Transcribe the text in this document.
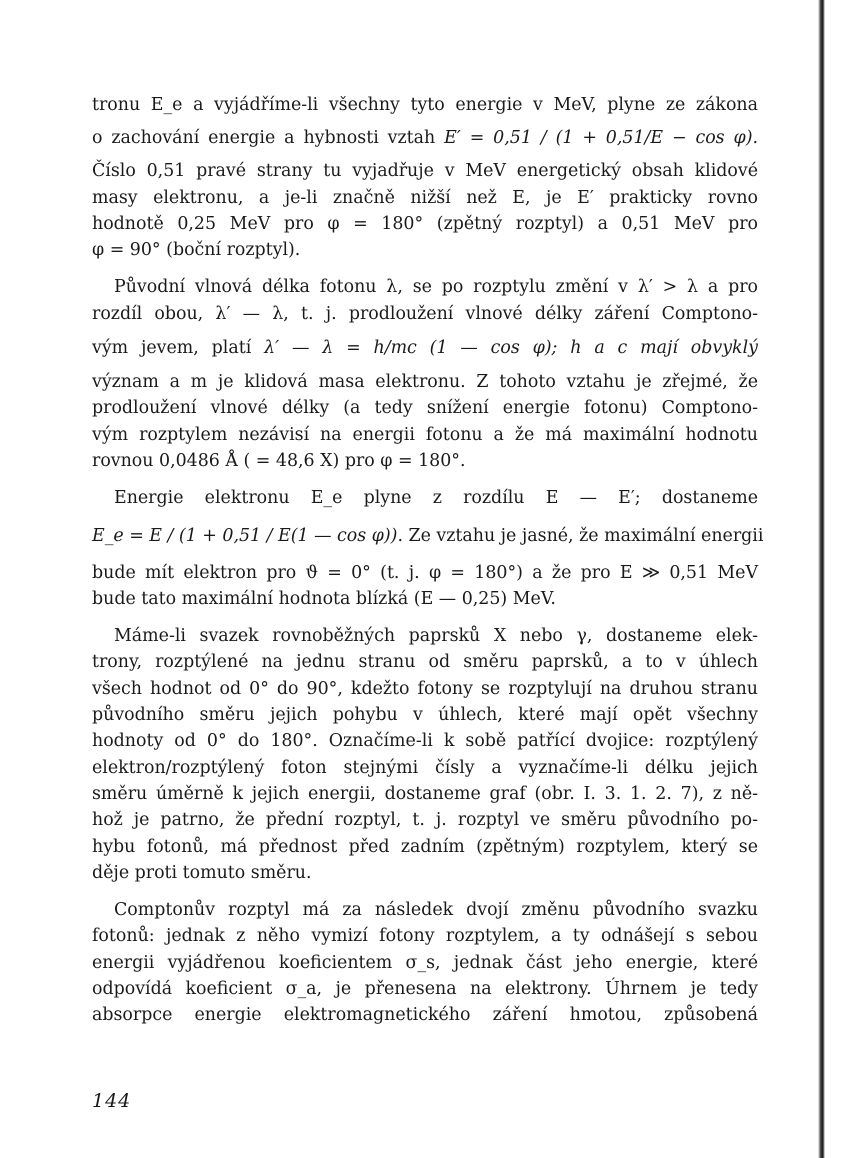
tronu E_e a vyjádříme-li všechny tyto energie v MeV, plyne ze zákona
o zachování energie a hybnosti vztah E′ = 0,51 / (1 + 0,51/E − cos φ).
Číslo 0,51 pravé strany tu vyjadřuje v MeV energetický obsah klidové
masy elektronu, a je-li značně nižší než E, je E′ prakticky rovno
hodnotě 0,25 MeV pro φ = 180° (zpětný rozptyl) a 0,51 MeV pro
φ = 90° (boční rozptyl).
Původní vlnová délka fotonu λ, se po rozptylu změní v λ′ > λ a pro
rozdíl obou, λ′ — λ, t. j. prodloužení vlnové délky záření Comptono-
vým jevem, platí λ′ — λ = h/mc (1 — cos φ); h a c mají obvyklý
význam a m je klidová masa elektronu. Z tohoto vztahu je zřejmé, že
prodloužení vlnové délky (a tedy snížení energie fotonu) Comptono-
vým rozptylem nezávisí na energii fotonu a že má maximální hodnotu
rovnou 0,0486 Å ( = 48,6 X) pro φ = 180°.
Energie elektronu E_e plyne z rozdílu E — E′; dostaneme
E_e = E / (1 + 0,51 / E(1 — cos φ)). Ze vztahu je jasné, že maximální energii
bude mít elektron pro ϑ = 0° (t. j. φ = 180°) a že pro E ≫ 0,51 MeV
bude tato maximální hodnota blízká (E — 0,25) MeV.
Máme-li svazek rovnoběžných paprsků X nebo γ, dostaneme elek-
trony, rozptýlené na jednu stranu od směru paprsků, a to v úhlech
všech hodnot od 0° do 90°, kdežto fotony se rozptylují na druhou stranu
původního směru jejich pohybu v úhlech, které mají opět všechny
hodnoty od 0° do 180°. Označíme-li k sobě patřící dvojice: rozptýlený
elektron/rozptýlený foton stejnými čísly a vyznačíme-li délku jejich
směru úměrně k jejich energii, dostaneme graf (obr. I. 3. 1. 2. 7), z ně-
hož je patrno, že přední rozptyl, t. j. rozptyl ve směru původního po-
hybu fotonů, má přednost před zadním (zpětným) rozptylem, který se
děje proti tomuto směru.
Comptonův rozptyl má za následek dvojí změnu původního svazku
fotonů: jednak z něho vymizí fotony rozptylem, a ty odnášejí s sebou
energii vyjádřenou koeficientem σ_s, jednak část jeho energie, které
odpovídá koeficient σ_a, je přenesena na elektrony. Úhrnem je tedy
absorpce energie elektromagnetického záření hmotou, způsobená
144
